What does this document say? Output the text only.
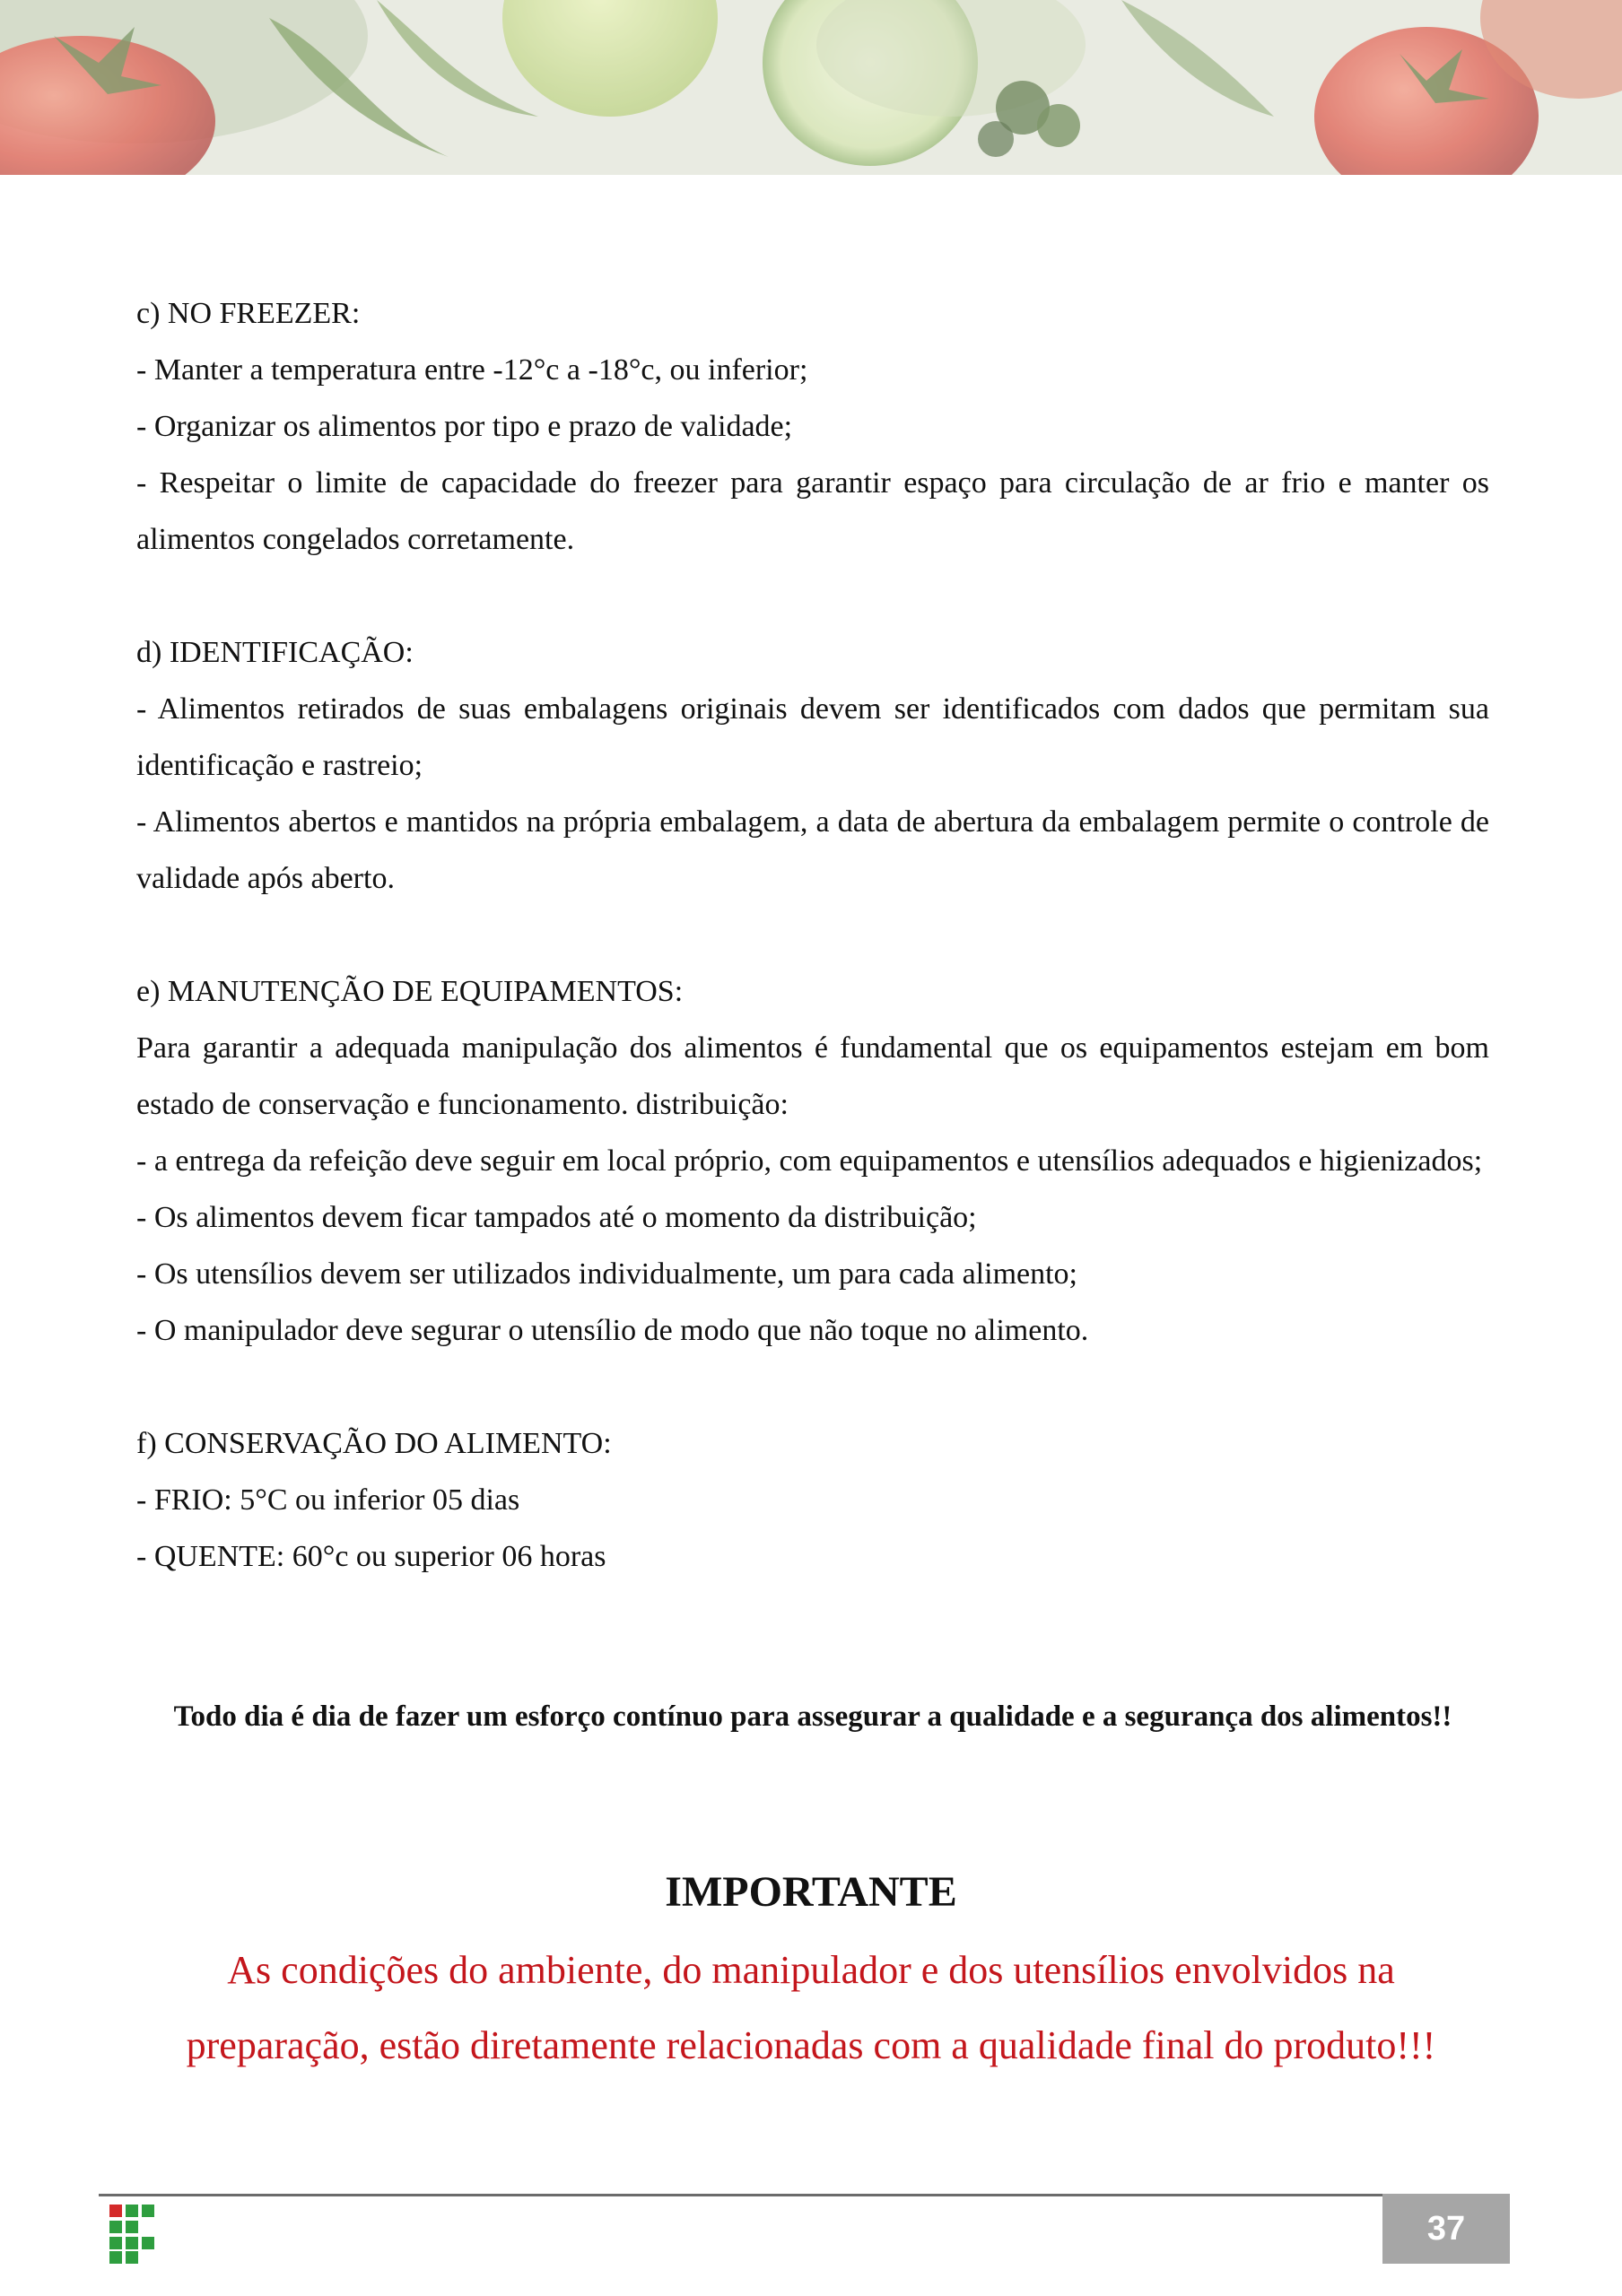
c) NO FREEZER:

- Manter a temperatura entre -12°c a -18°c, ou inferior;

- Organizar os alimentos por tipo e prazo de validade;

- Respeitar o limite de capacidade do freezer para garantir espaço para circulação de ar frio e manter os alimentos congelados corretamente.

d) IDENTIFICAÇÃO:

- Alimentos retirados de suas embalagens originais devem ser identificados com dados que permitam sua identificação e rastreio;

- Alimentos abertos e mantidos na própria embalagem, a data de abertura da embalagem permite o controle de validade após aberto.

e) MANUTENÇÃO DE EQUIPAMENTOS:

Para garantir a adequada manipulação dos alimentos é fundamental que os equipamentos estejam em bom estado de conservação e funcionamento. distribuição:

- a entrega da refeição deve seguir em local próprio, com equipamentos e utensílios adequados e higienizados;

- Os alimentos devem ficar tampados até o momento da distribuição;

- Os utensílios devem ser utilizados individualmente, um para cada alimento;

- O manipulador deve segurar o utensílio de modo que não toque no alimento.

f) CONSERVAÇÃO DO ALIMENTO:

- FRIO: 5°C ou inferior 05 dias

- QUENTE: 60°c ou superior 06 horas

Todo dia é dia de fazer um esforço contínuo para assegurar a qualidade e a segurança dos alimentos!!
IMPORTANTE
As condições do ambiente, do manipulador e dos utensílios envolvidos na preparação, estão diretamente relacionadas com a qualidade final do produto!!!
37
